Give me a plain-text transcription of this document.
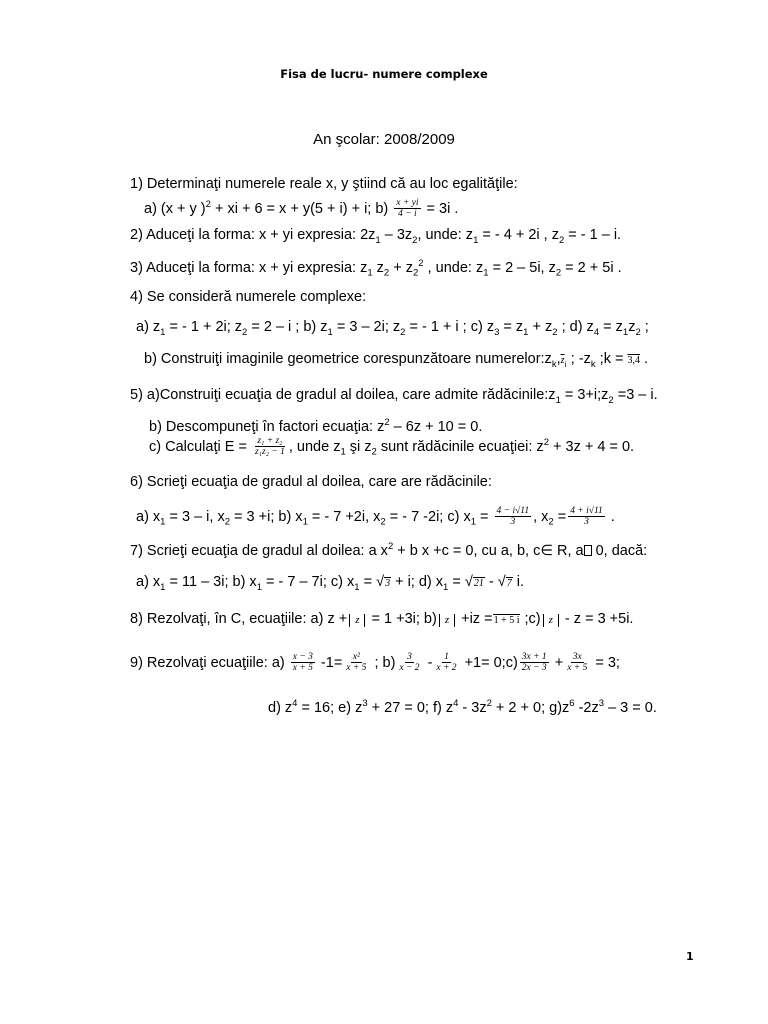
Fisa de lucru- numere complexe
An şcolar: 2008/2009
1) Determinaţi numerele reale x, y ştiind că au loc egalităţile:
a) (x + y )$^2$ + xi + 6 = x + y(5 + i) + i; $b) \frac{x + yi}{4 - i} = 3i$ .
2) Aduceţi la forma: x + yi expresia: $2z_1 - 3z_2$, unde: $z_1$ = - 4 + 2i , $z_2$ = - 1 – i.
3) Aduceţi la forma: x + yi expresia: $z_1$ $z_2 + z_2^2$ , unde: $z_1 = 2 - 5i$, $z_2 = 2 + 5i$ .
4) Se consideră numerele complexe:
a) $z_1$ = - 1 + 2i; $z_2 = 2 - i$ ; b) $z_1 = 3 - 2i$; $z_2$ = - 1 + i ; c) $z_3 = z_1 + z_2$ ; d) $z_4 = z_1z_2$ ;
b) Construiţi imaginile geometrice corespunzătoare $numerelor:z_k,\overline{z}_i$ ; $-z_k$ ;k = 3,4 .
5) a)Construiţi ecuaţia de gradul al doilea, care admite $rădăcinile:z_1$ = $3+i;z_2 =3 - i$.
b) Descompuneţi în factori ecuaţia: $z^2 - 6z + 10 = 0$.
c) Calculaţi $E = \frac{\text{z₁ + z₂}}{\text{z₁z₂ − 1}}$ , unde $z_1$ şi $z_2$ sunt rădăcinile ecuaţiei: $z^2 + 3z + 4 = 0$.
6) Scrieţi ecuaţia de gradul al doilea, care are rădăcinile:
a) $x_1 = 3 - i$, $x_2 = 3 +i$; b) $x_1$ = - 7 +2i, $x_2$ = - 7 -2i; c) $x_1 = \frac{4 - i√11}{3}$ , $x_2 = \frac{4 + i√11}{3}$ .
7) Scrieţi ecuaţia de gradul al doilea: a $x^2 + b$ x +c = 0, cu a, b, c∈ R, a 0, dacă:
a) $x_1 = 11 - 3i$; b) $x_1$ = - 7 – 7i; c) $x_1 = √3 + i$; d) $x_1 = √21 - √7$ i.
8) Rezolvaţi, în C, ecuaţiile: a) z + z = 1 +3i; b) z +iz =1 + 5 i ;c) z - z = 3 +5i.
9) Rezolvaţi ecuaţiile: $a) \frac{x - 3}{x + 5} -1= \frac{\text{x²}}{x + 5}$ ; $b) \frac{3}{x - 2} - \frac{1}{x + 2} +1=$ 0;c) $\frac{3x + 1}{2x - 3} + \frac{3x}{x + 5} = 3$;
d) $z^4 = 16$; e) $z^3 + 27 = 0$; f) $z^4 - 3z^2 + 2 + 0$; $g)z^6$ $-2z^3 - 3 = 0$.
1
